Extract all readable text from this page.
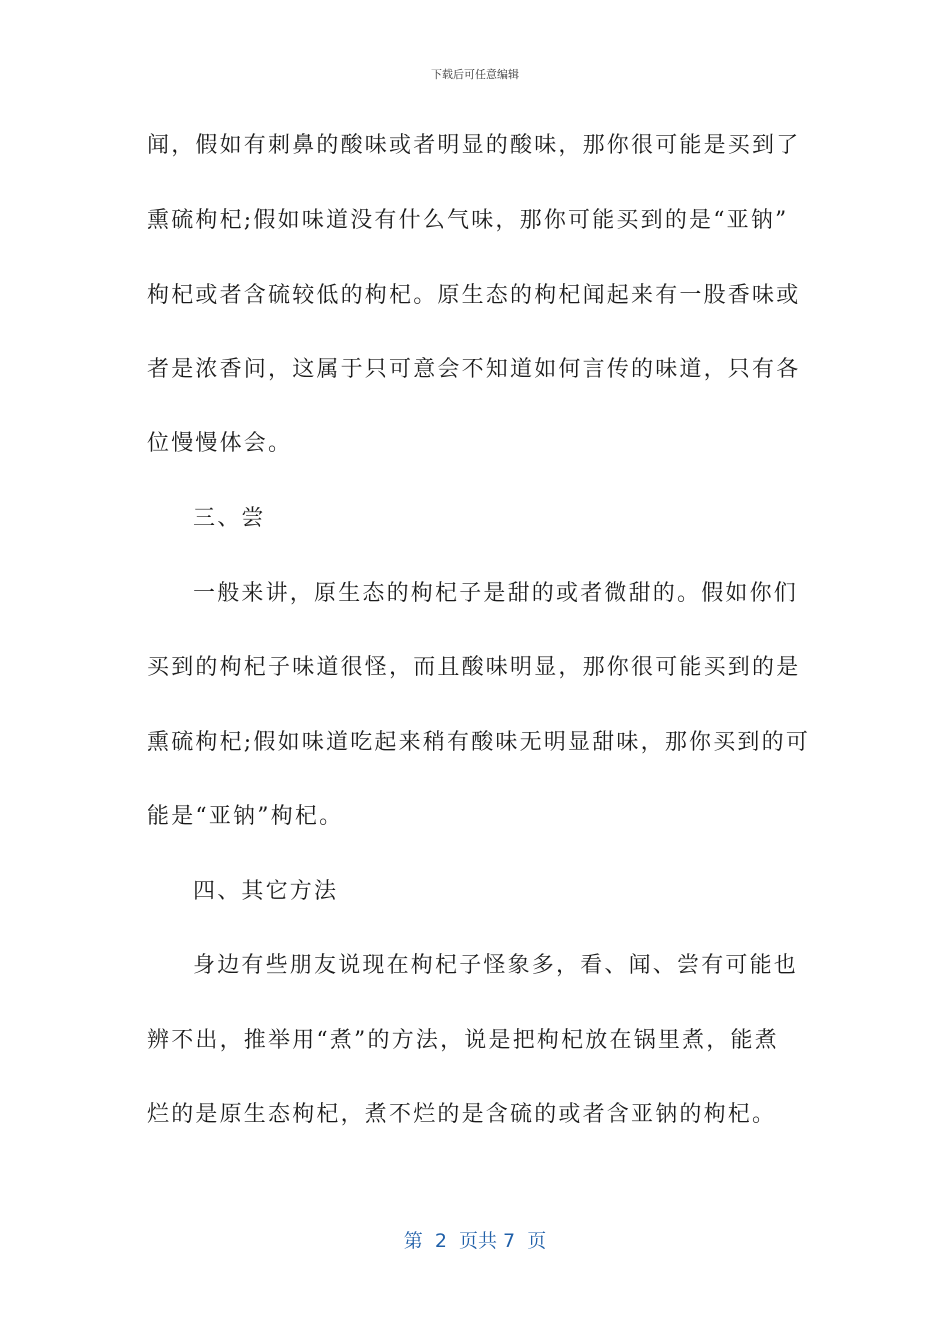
下载后可任意编辑
闻，假如有刺鼻的酸味或者明显的酸味，那你很可能是买到了
熏硫枸杞;假如味道没有什么气味，那你可能买到的是“亚钠”
枸杞或者含硫较低的枸杞。原生态的枸杞闻起来有一股香味或
者是浓香问，这属于只可意会不知道如何言传的味道，只有各
位慢慢体会。
三、尝
一般来讲，原生态的枸杞子是甜的或者微甜的。假如你们
买到的枸杞子味道很怪，而且酸味明显，那你很可能买到的是
熏硫枸杞;假如味道吃起来稍有酸味无明显甜味，那你买到的可
能是“亚钠”枸杞。
四、其它方法
身边有些朋友说现在枸杞子怪象多，看、闻、尝有可能也
辨不出，推举用“煮”的方法，说是把枸杞放在锅里煮，能煮
烂的是原生态枸杞，煮不烂的是含硫的或者含亚钠的枸杞。
第  2  页共 7  页
